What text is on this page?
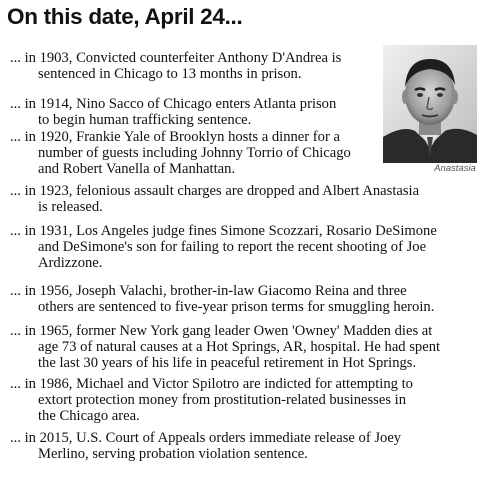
On this date, April 24...
Anastasia
... in 1903, Convicted counterfeiter Anthony D'Andrea is
sentenced in Chicago to 13 months in prison.
... in 1914, Nino Sacco of Chicago enters Atlanta prison
to begin human trafficking sentence.
... in 1920, Frankie Yale of Brooklyn hosts a dinner for a
number of guests including Johnny Torrio of Chicago
and Robert Vanella of Manhattan.
... in 1923, felonious assault charges are dropped and Albert Anastasia
is released.
... in 1931, Los Angeles judge fines Simone Scozzari, Rosario DeSimone
and DeSimone's son for failing to report the recent shooting of Joe
Ardizzone.
... in 1956, Joseph Valachi, brother-in-law Giacomo Reina and three
others are sentenced to five-year prison terms for smuggling heroin.
... in 1965, former New York gang leader Owen 'Owney' Madden dies at
age 73 of natural causes at a Hot Springs, AR, hospital. He had spent
the last 30 years of his life in peaceful retirement in Hot Springs.
... in 1986, Michael and Victor Spilotro are indicted for attempting to
extort protection money from prostitution-related businesses in
the Chicago area.
... in 2015, U.S. Court of Appeals orders immediate release of Joey
Merlino, serving probation violation sentence.
